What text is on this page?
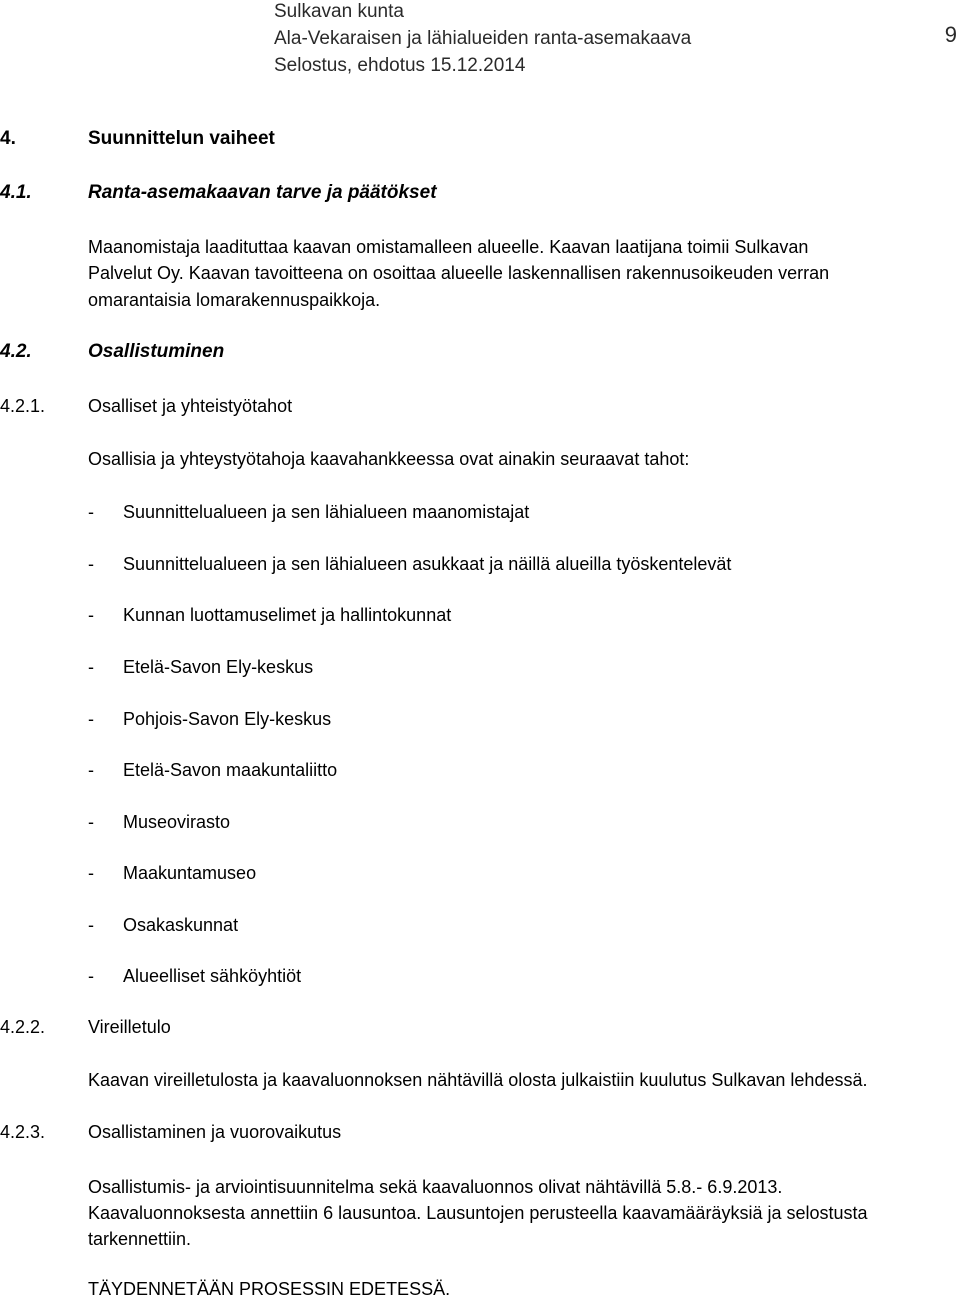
Sulkavan kunta
Ala-Vekaraisen ja lähialueiden ranta-asemakaava
Selostus, ehdotus 15.12.2014
9
4.	Suunnittelun vaiheet
4.1.	Ranta-asemakaavan tarve ja päätökset
Maanomistaja laadituttaa kaavan omistamalleen alueelle. Kaavan laatijana toimii Sulkavan
Palvelut Oy. Kaavan tavoitteena on osoittaa alueelle laskennallisen rakennusoikeuden verran
omarantaisia lomarakennuspaikkoja.
4.2.	Osallistuminen
4.2.1. Osalliset ja yhteistyötahot
Osallisia ja yhteystyötahoja kaavahankkeessa ovat ainakin seuraavat tahot:
- Suunnittelualueen ja sen lähialueen maanomistajat
- Suunnittelualueen ja sen lähialueen asukkaat ja näillä alueilla työskentelevät
- Kunnan luottamuselimet ja hallintokunnat
- Etelä-Savon Ely-keskus
- Pohjois-Savon Ely-keskus
- Etelä-Savon maakuntaliitto
- Museovirasto
- Maakuntamuseo
- Osakaskunnat
- Alueelliset sähköyhtiöt
4.2.2. Vireilletulo
Kaavan vireilletulosta ja kaavaluonnoksen nähtävillä olosta julkaistiin kuulutus Sulkavan lehdessä.
4.2.3. Osallistaminen ja vuorovaikutus
Osallistumis- ja arviointisuunnitelma sekä kaavaluonnos olivat nähtävillä 5.8.- 6.9.2013.
Kaavaluonnoksesta annettiin 6 lausuntoa. Lausuntojen perusteella kaavamääräyksiä ja selostusta
tarkennettiin.
TÄYDENNETÄÄN PROSESSIN EDETESSÄ.
